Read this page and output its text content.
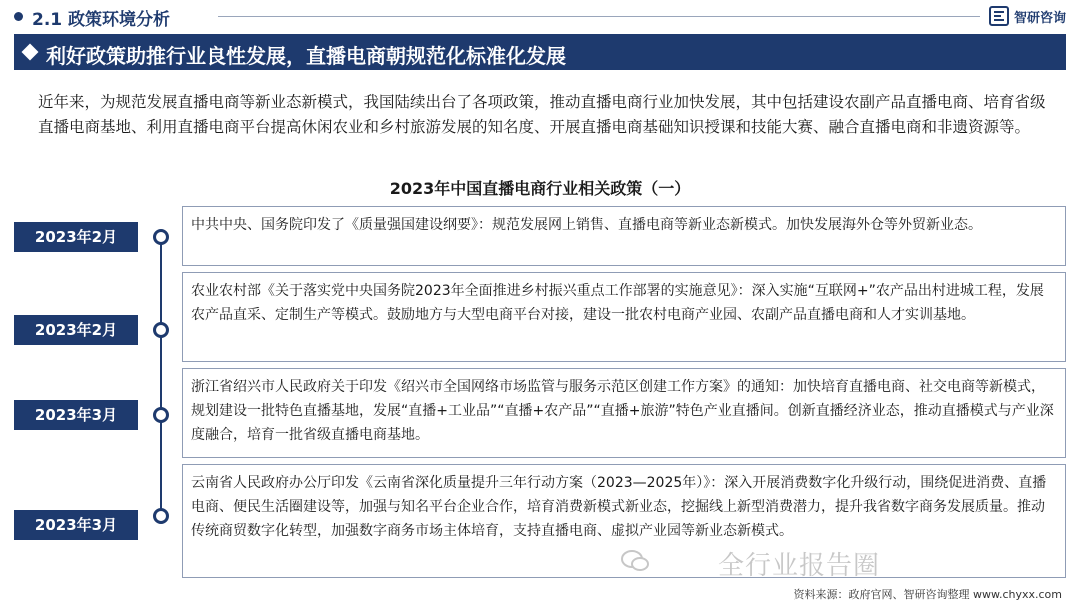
2.1 政策环境分析	智研咨询
利好政策助推行业良性发展，直播电商朝规范化标准化发展

近年来，为规范发展直播电商等新业态新模式，我国陆续出台了各项政策，推动直播电商行业加快发展，其中包括建设农副产品直播电商、培育省级直播电商基地、利用直播电商平台提高休闲农业和乡村旅游发展的知名度、开展直播电商基础知识授课和技能大赛、融合直播电商和非遗资源等。

2023年中国直播电商行业相关政策（一）
2023年2月
2023年2月
2023年3月
2023年3月
中共中央、国务院印发了《质量强国建设纲要》：规范发展网上销售、直播电商等新业态新模式。加快发展海外仓等外贸新业态。
农业农村部《关于落实党中央国务院2023年全面推进乡村振兴重点工作部署的实施意见》：深入实施“互联网+”农产品出村进城工程，发展农产品直采、定制生产等模式。鼓励地方与大型电商平台对接，建设一批农村电商产业园、农副产品直播电商和人才实训基地。
浙江省绍兴市人民政府关于印发《绍兴市全国网络市场监管与服务示范区创建工作方案》的通知：加快培育直播电商、社交电商等新模式，规划建设一批特色直播基地，发展“直播+工业品”“直播+农产品”“直播+旅游”特色产业直播间。创新直播经济业态，推动直播模式与产业深度融合，培育一批省级直播电商基地。
云南省人民政府办公厅印发《云南省深化质量提升三年行动方案（2023—2025年）》：深入开展消费数字化升级行动，围绕促进消费、直播电商、便民生活圈建设等，加强与知名平台企业合作，培育消费新模式新业态，挖掘线上新型消费潜力，提升我省数字商务发展质量。推动传统商贸数字化转型，加强数字商务市场主体培育，支持直播电商、虚拟产业园等新业态新模式。
全行业报告圈
资料来源：政府官网、智研咨询整理 www.chyxx.com
